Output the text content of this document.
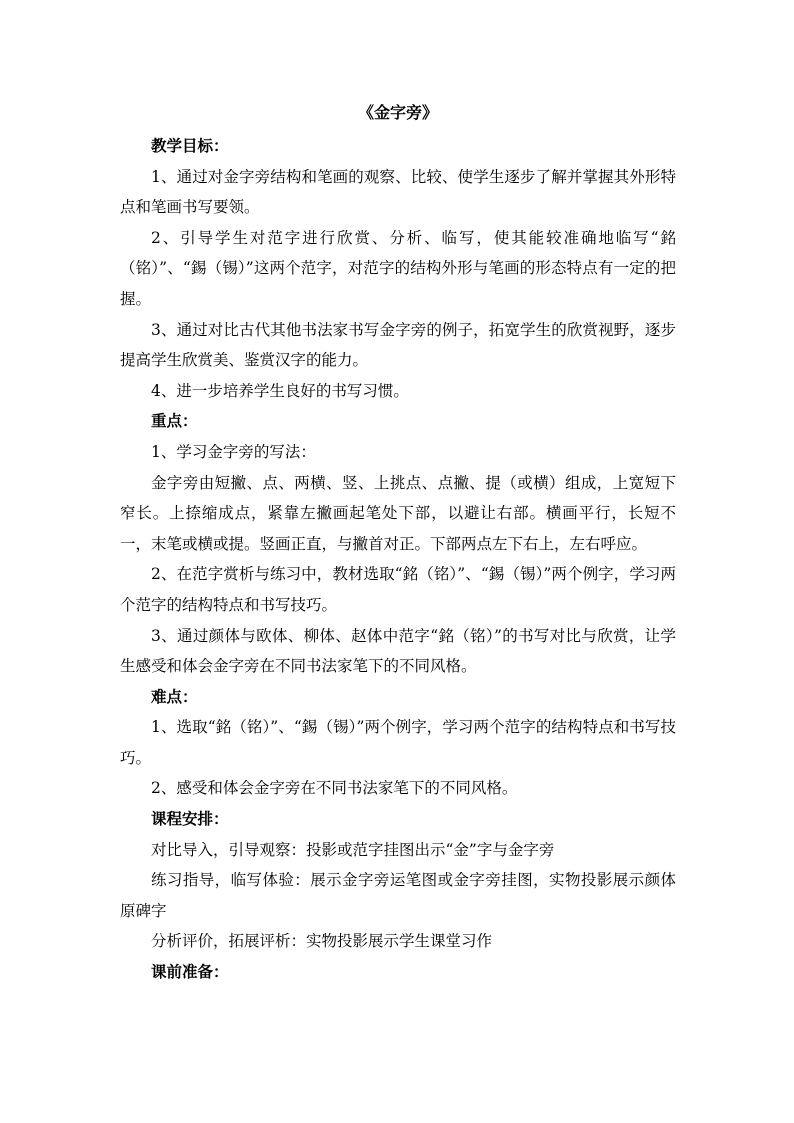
《金字旁》

教学目标：

1、通过对金字旁结构和笔画的观察、比较、使学生逐步了解并掌握其外形特点和笔画书写要领。

2、引导学生对范字进行欣赏、分析、临写，使其能较准确地临写“銘（铭）”、“錫（锡）”这两个范字，对范字的结构外形与笔画的形态特点有一定的把握。

3、通过对比古代其他书法家书写金字旁的例子，拓宽学生的欣赏视野，逐步提高学生欣赏美、鉴赏汉字的能力。

4、进一步培养学生良好的书写习惯。

重点：

1、学习金字旁的写法：

金字旁由短撇、点、两横、竖、上挑点、点撇、提（或横）组成，上宽短下窄长。上捺缩成点，紧靠左撇画起笔处下部，以避让右部。横画平行，长短不一，末笔或横或提。竖画正直，与撇首对正。下部两点左下右上，左右呼应。

2、在范字赏析与练习中，教材选取“銘（铭）”、“錫（锡）”两个例字，学习两个范字的结构特点和书写技巧。

3、通过颜体与欧体、柳体、赵体中范字“銘（铭）”的书写对比与欣赏，让学生感受和体会金字旁在不同书法家笔下的不同风格。

难点：

1、选取“銘（铭）”、“錫（锡）”两个例字，学习两个范字的结构特点和书写技巧。

2、感受和体会金字旁在不同书法家笔下的不同风格。

课程安排：

对比导入，引导观察：投影或范字挂图出示“金”字与金字旁

练习指导，临写体验：展示金字旁运笔图或金字旁挂图，实物投影展示颜体原碑字

分析评价，拓展评析：实物投影展示学生课堂习作

课前准备：
